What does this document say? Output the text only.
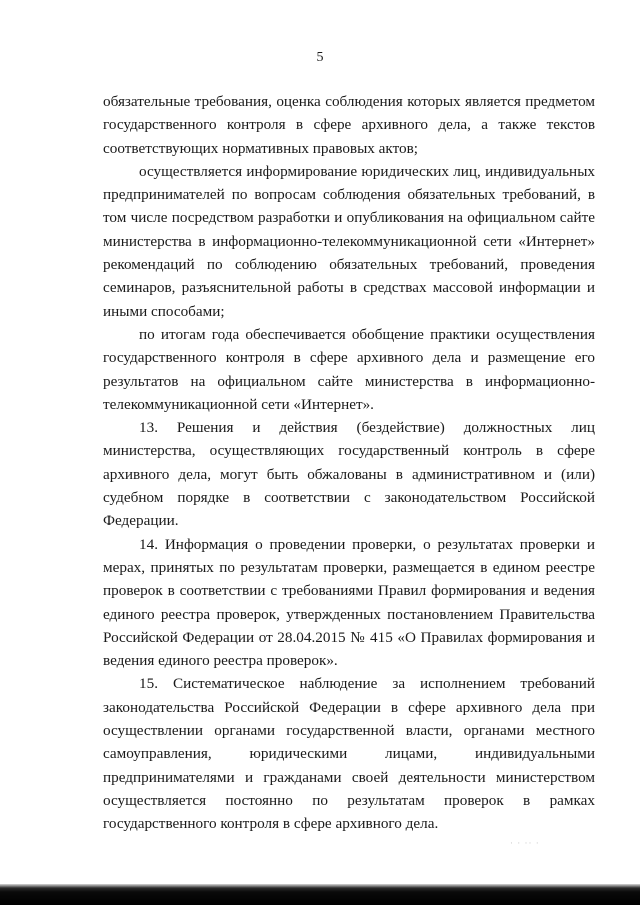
5

обязательные требования, оценка соблюдения которых является предметом государственного контроля в сфере архивного дела, а также текстов соответствующих нормативных правовых актов;

осуществляется информирование юридических лиц, индивидуальных предпринимателей по вопросам соблюдения обязательных требований, в том числе посредством разработки и опубликования на официальном сайте министерства в информационно-телекоммуникационной сети «Интернет» рекомендаций по соблюдению обязательных требований, проведения семинаров, разъяснительной работы в средствах массовой информации и иными способами;

по итогам года обеспечивается обобщение практики осуществления государственного контроля в сфере архивного дела и размещение его результатов на официальном сайте министерства в информационно-телекоммуникационной сети «Интернет».

13. Решения и действия (бездействие) должностных лиц министерства, осуществляющих государственный контроль в сфере архивного дела, могут быть обжалованы в административном и (или) судебном порядке в соответствии с законодательством Российской Федерации.

14. Информация о проведении проверки, о результатах проверки и мерах, принятых по результатам проверки, размещается в едином реестре проверок в соответствии с требованиями Правил формирования и ведения единого реестра проверок, утвержденных постановлением Правительства Российской Федерации от 28.04.2015 № 415 «О Правилах формирования и ведения единого реестра проверок».

15. Систематическое наблюдение за исполнением требований законодательства Российской Федерации в сфере архивного дела при осуществлении органами государственной власти, органами местного самоуправления, юридическими лицами, индивидуальными предпринимателями и гражданами своей деятельности министерством осуществляется постоянно по результатам проверок в рамках государственного контроля в сфере архивного дела.

· · ·· ·
